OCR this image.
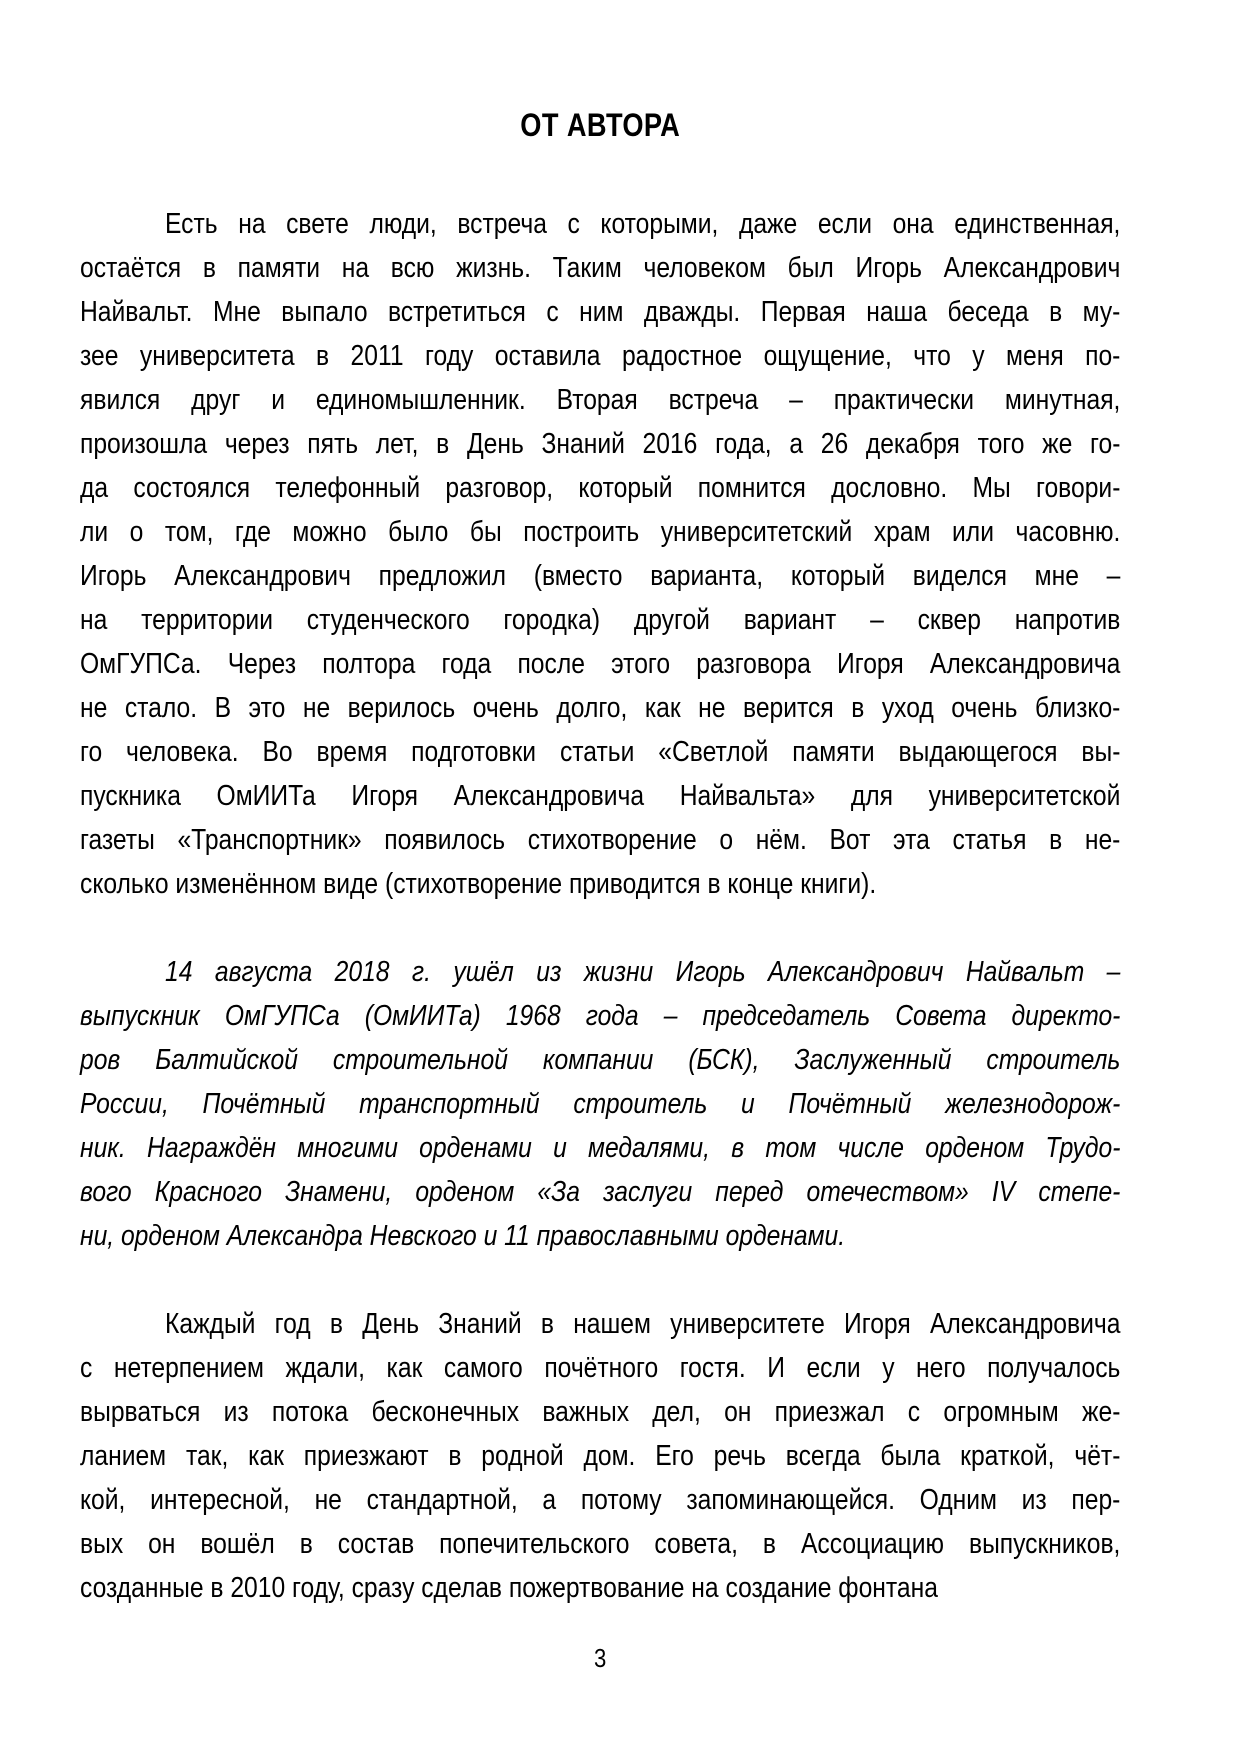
ОТ АВТОРА
Есть на свете люди, встреча с которыми, даже если она единственная,
остаётся в памяти на всю жизнь. Таким человеком был Игорь Александрович
Найвальт. Мне выпало встретиться с ним дважды. Первая наша беседа в му-
зее университета в 2011 году оставила радостное ощущение, что у меня по-
явился друг и единомышленник. Вторая встреча – практически минутная,
произошла через пять лет, в День Знаний 2016 года, а 26 декабря того же го-
да состоялся телефонный разговор, который помнится дословно. Мы говори-
ли о том, где можно было бы построить университетский храм или часовню.
Игорь Александрович предложил (вместо варианта, который виделся мне –
на территории студенческого городка) другой вариант – сквер напротив
ОмГУПСа. Через полтора года после этого разговора Игоря Александровича
не стало. В это не верилось очень долго, как не верится в уход очень близко-
го человека. Во время подготовки статьи «Светлой памяти выдающегося вы-
пускника ОмИИТа Игоря Александровича Найвальта» для университетской
газеты «Транспортник» появилось стихотворение о нём. Вот эта статья в не-
сколько изменённом виде (стихотворение приводится в конце книги).
14 августа 2018 г. ушёл из жизни Игорь Александрович Найвальт –
выпускник ОмГУПСа (ОмИИТа) 1968 года – председатель Совета директо-
ров Балтийской строительной компании (БСК), Заслуженный строитель
России, Почётный транспортный строитель и Почётный железнодорож-
ник. Награждён многими орденами и медалями, в том числе орденом Трудо-
вого Красного Знамени, орденом «За заслуги перед отечеством» IV степе-
ни, орденом Александра Невского и 11 православными орденами.
Каждый год в День Знаний в нашем университете Игоря Александровича
с нетерпением ждали, как самого почётного гостя. И если у него получалось
вырваться из потока бесконечных важных дел, он приезжал с огромным же-
ланием так, как приезжают в родной дом. Его речь всегда была краткой, чёт-
кой, интересной, не стандартной, а потому запоминающейся. Одним из пер-
вых он вошёл в состав попечительского совета, в Ассоциацию выпускников,
созданные в 2010 году, сразу сделав пожертвование на создание фонтана
3
